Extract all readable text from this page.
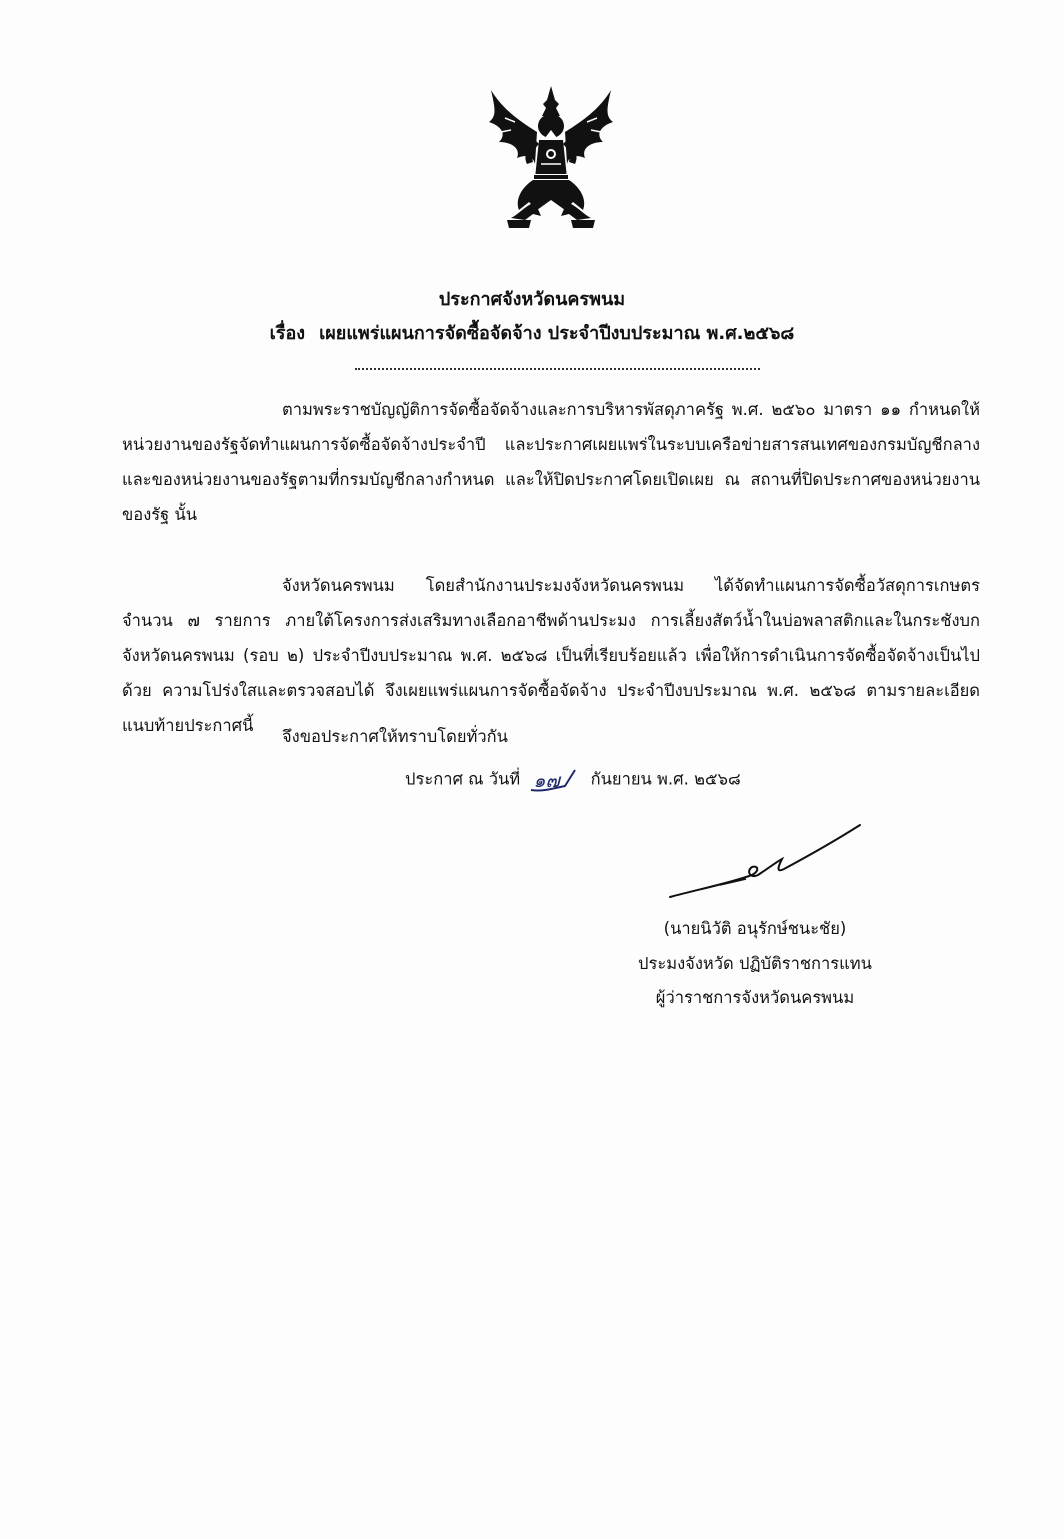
ประกาศจังหวัดนครพนม
เรื่อง เผยแพร่แผนการจัดซื้อจัดจ้าง ประจำปีงบประมาณ พ.ศ.๒๕๖๘
ตามพระราชบัญญัติการจัดซื้อจัดจ้างและการบริหารพัสดุภาครัฐ พ.ศ. ๒๕๖๐ มาตรา ๑๑ กำหนดให้หน่วยงานของรัฐจัดทำแผนการจัดซื้อจัดจ้างประจำปี และประกาศเผยแพร่ในระบบเครือข่ายสารสนเทศของกรมบัญชีกลางและของหน่วยงานของรัฐตามที่กรมบัญชีกลางกำหนด และให้ปิดประกาศโดยเปิดเผย ณ สถานที่ปิดประกาศของหน่วยงานของรัฐ นั้น
จังหวัดนครพนม โดยสำนักงานประมงจังหวัดนครพนม ได้จัดทำแผนการจัดซื้อวัสดุการเกษตร จำนวน ๗ รายการ ภายใต้โครงการส่งเสริมทางเลือกอาชีพด้านประมง การเลี้ยงสัตว์น้ำในบ่อพลาสติกและในกระชังบกจังหวัดนครพนม (รอบ ๒) ประจำปีงบประมาณ พ.ศ. ๒๕๖๘ เป็นที่เรียบร้อยแล้ว เพื่อให้การดำเนินการจัดซื้อจัดจ้างเป็นไปด้วย ความโปร่งใสและตรวจสอบได้ จึงเผยแพร่แผนการจัดซื้อจัดจ้าง ประจำปีงบประมาณ พ.ศ. ๒๕๖๘ ตามรายละเอียดแนบท้ายประกาศนี้
จึงขอประกาศให้ทราบโดยทั่วกัน
ประกาศ ณ วันที่ ๑๗ กันยายน พ.ศ. ๒๕๖๘
(นายนิวัติ อนุรักษ์ชนะชัย)
ประมงจังหวัด ปฏิบัติราชการแทน
ผู้ว่าราชการจังหวัดนครพนม
